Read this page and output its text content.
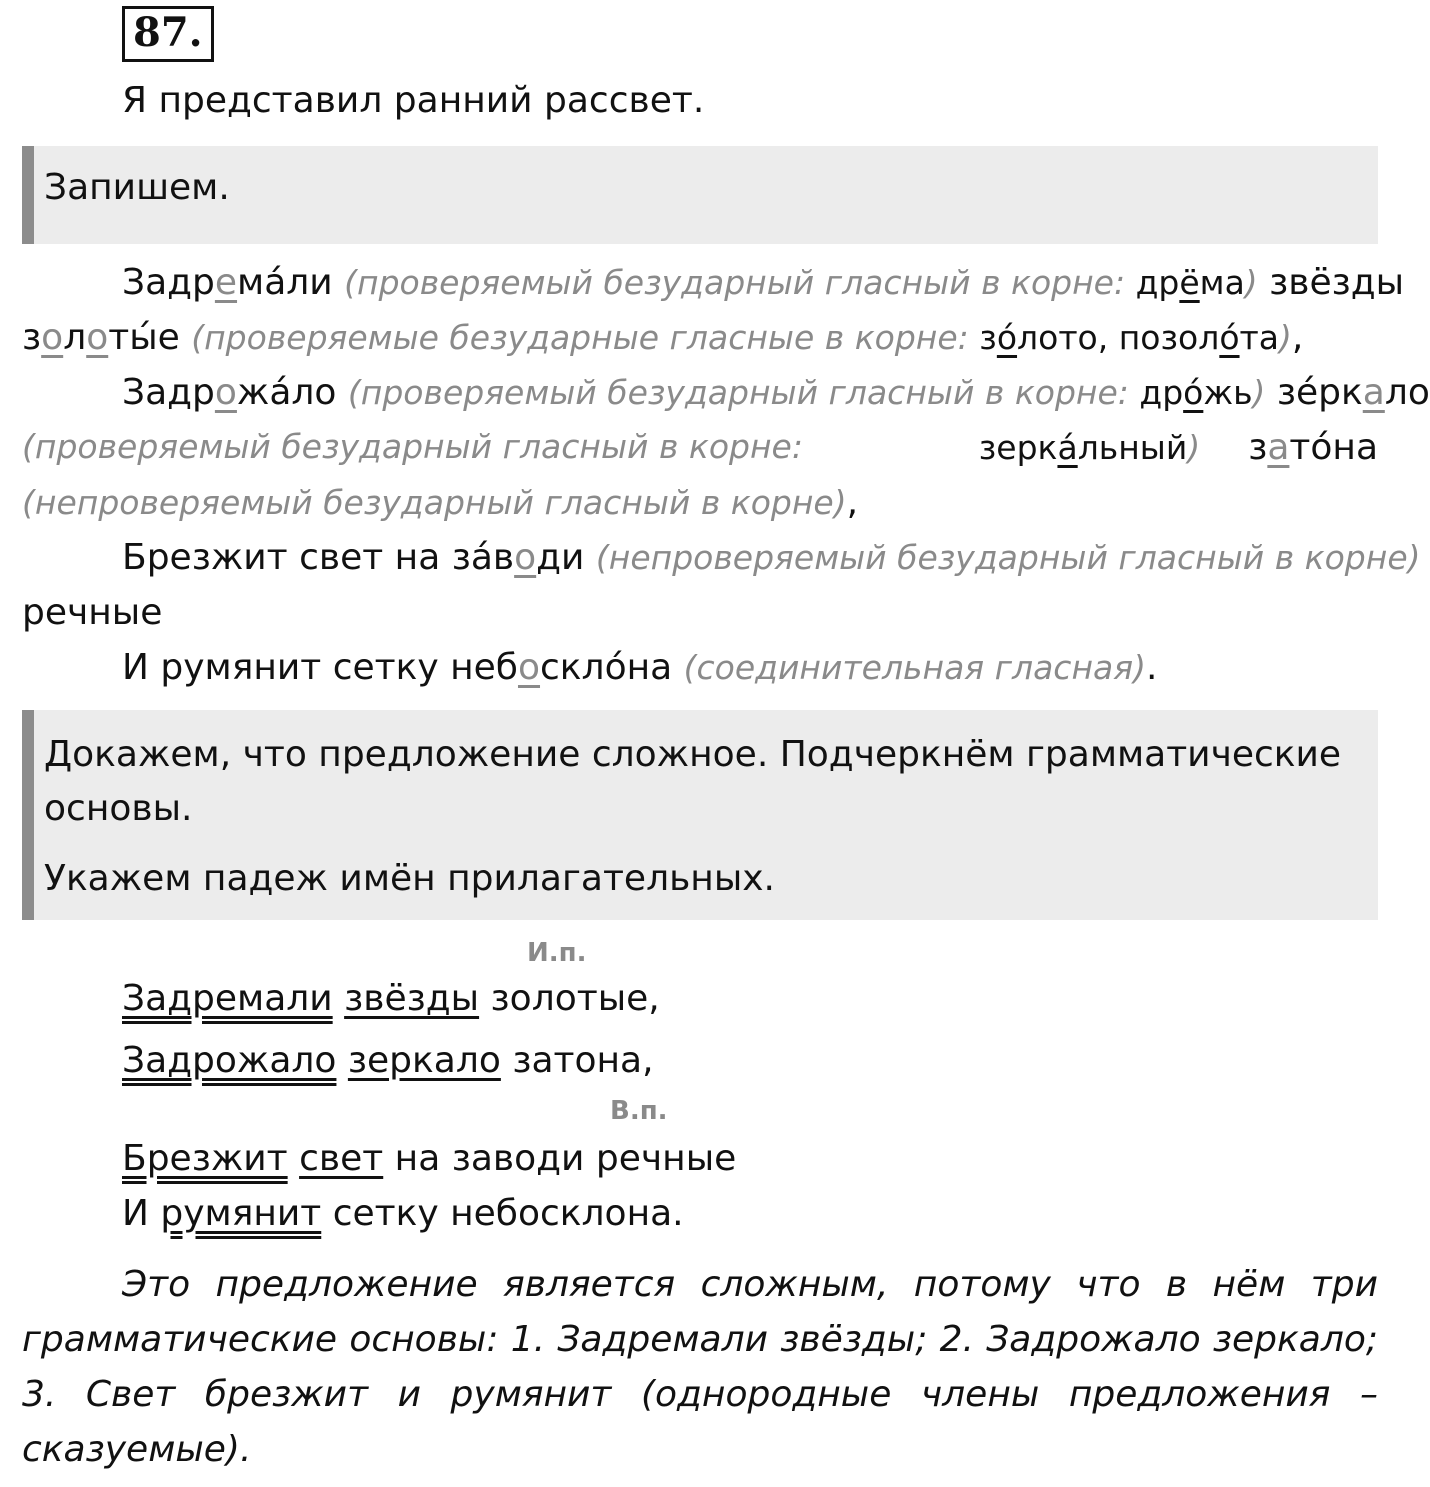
87.
Я представил ранний рассвет.

Запишем.

Задрема́ли (проверяемый безударный гласный в корне: дрёма) звёзды
золоты́е (проверяемые безударные гласные в корне: зо́лото, позоло́та),
Задрожа́ло (проверяемый безударный гласный в корне: дро́жь) зе́ркало
(проверяемый безударный гласный в корне:	зерка́льный) зато́на
(непроверяемый безударный гласный в корне),
Брезжит свет на за́води (непроверяемый безударный гласный в корне)
речные
И румянит сетку небоскло́на (соединительная гласная).

Докажем, что предложение сложное. Подчеркнём грамматические

основы.

Укажем падеж имён прилагательных.

И.п.
Задремали звёзды золотые,
Задрожало зеркало затона,
В.п.
Брезжит свет на заводи речные
И румянит сетку небосклона.
Это предложение является сложным, потому что в нём три
грамматические основы: 1. Задремали звёзды; 2. Задрожало зеркало;
3. Свет брезжит и румянит (однородные члены предложения –
сказуемые).
